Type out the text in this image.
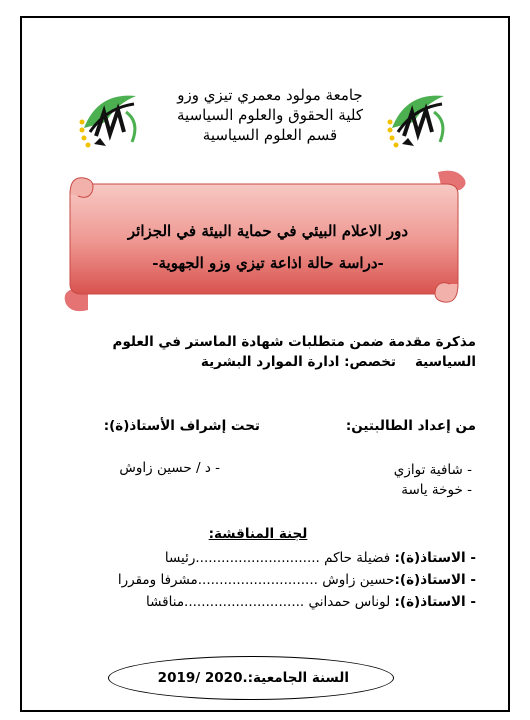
جامعة مولود معمري تيزي وزو
كلية الحقوق والعلوم السياسية
قسم العلوم السياسية
دور الاعلام البيئي في حماية البيئة في الجزائر
-دراسة حالة اذاعة تيزي وزو الجهوية-
مذكرة مقدمة ضمن متطلبات شهادة الماستر في العلوم السياسية
تخصص: ادارة الموارد البشرية
من إعداد الطالبتين:
تحت إشراف الأستاذ(ة):
- شافية توازي
- خوخة ياسة
- د / حسين زاوش
لجنة المناقشة:
- الاستاذ(ة): فضيلة حاكم .............................رئيسا
- الاستاذ(ة):حسين زاوش ............................مشرفا ومقررا
- الاستاذ(ة): لوناس حمداني ............................مناقشا
السنة الجامعية: 2019/ 2020.
